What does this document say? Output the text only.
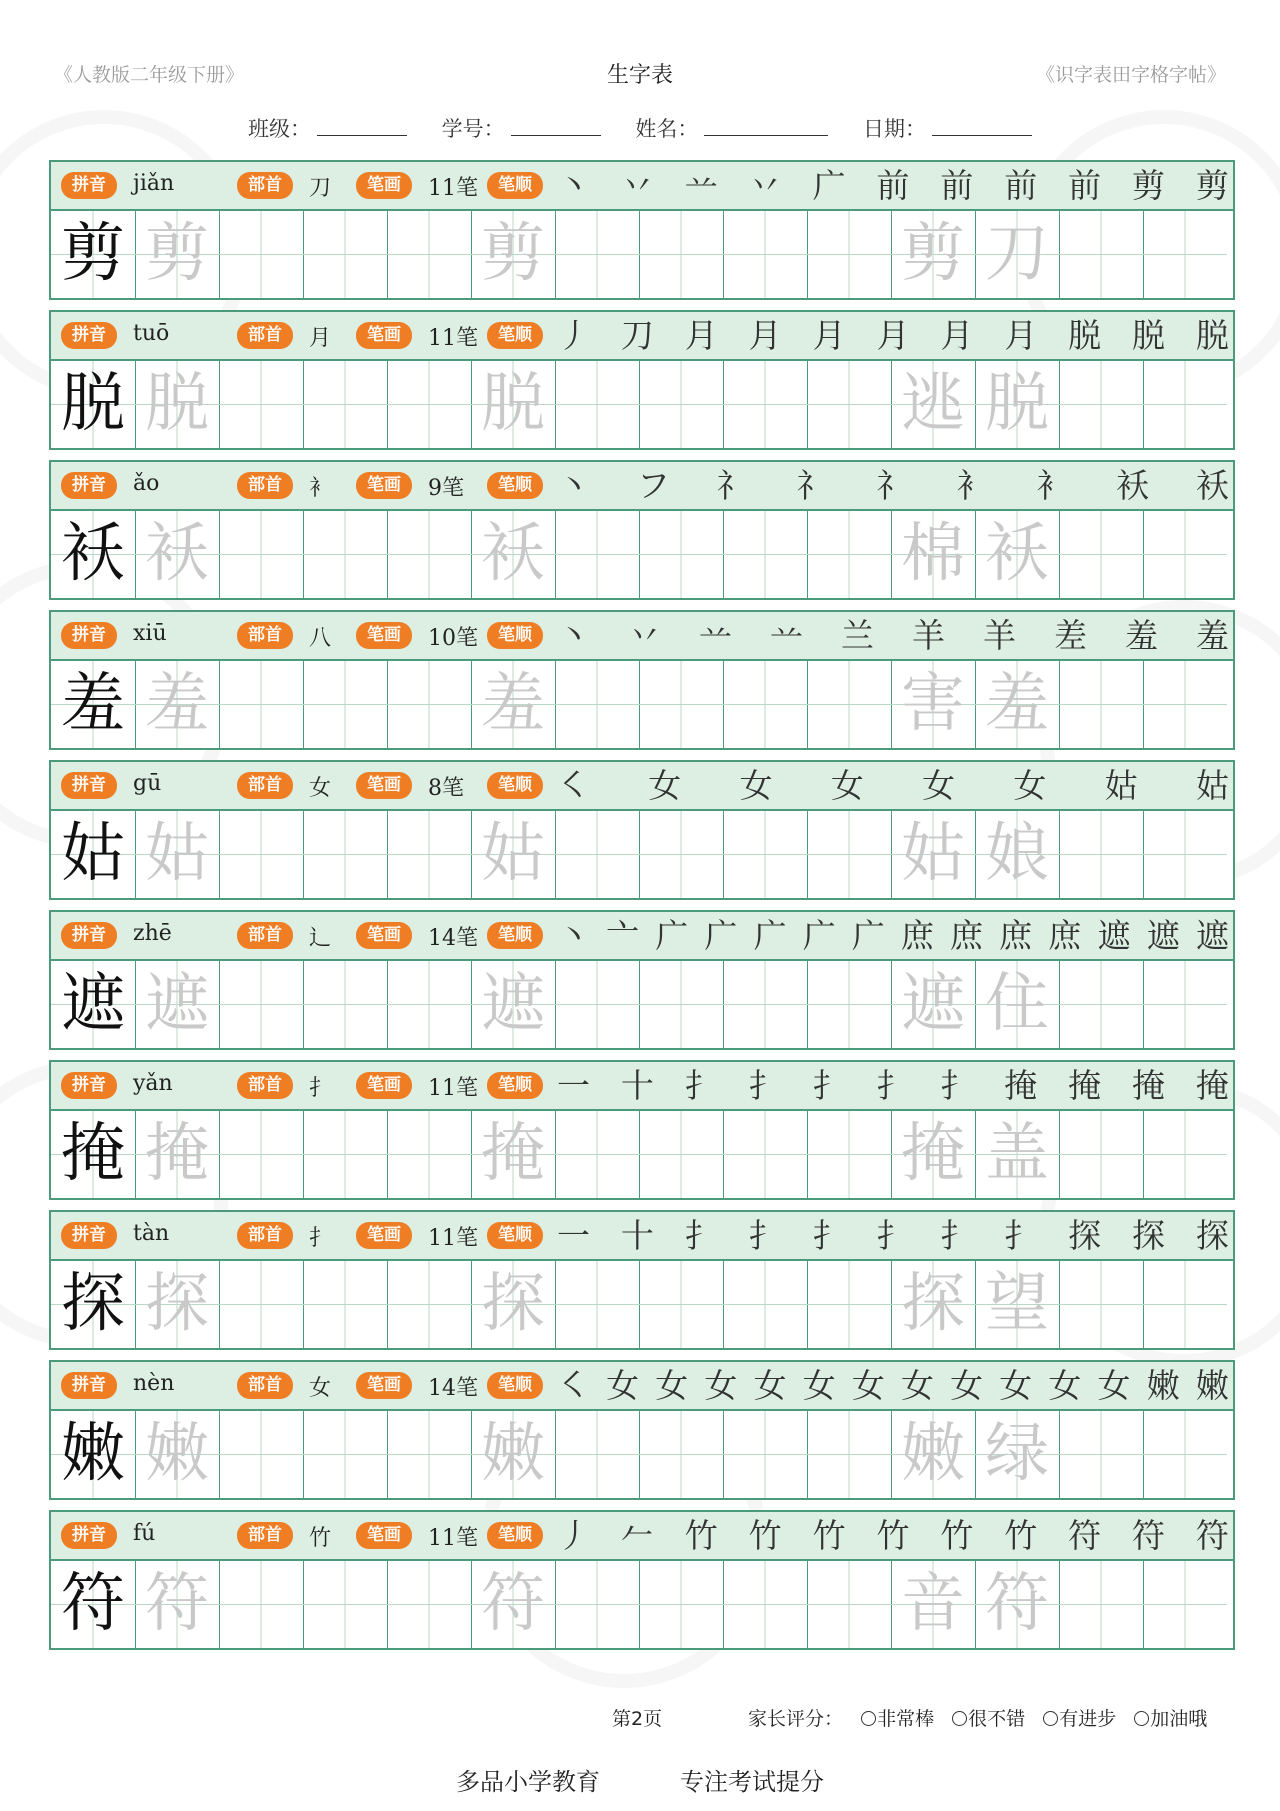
《人教版二年级下册》	生字表	《识字表田字格字帖》
班级：	学号：	姓名：	日期：
拼音	jiǎn	部首	刀	笔画	11笔	笔顺 丶 丷 䒑 丷 广 前 前 前 前 剪 剪
剪 剪	剪	剪 刀
拼音	tuō	部首	月	笔画	11笔	笔顺 丿 刀 月 月 月 月 月 月 脱 脱 脱
脱 脱	脱	逃 脱
拼音	ǎo	部首	衤	笔画	9笔	笔顺 丶 フ 礻 礻 礻 衤 衤 袄 袄
袄 袄	袄	棉 袄
拼音	xiū	部首	八	笔画	10笔	笔顺 丶 丷 䒑 䒑 兰 羊 羊 差 羞 羞
羞 羞	羞	害 羞
拼音	gū	部首	女	笔画	8笔	笔顺 ㇛ 女 女 女 女 女 姑 姑
姑 姑	姑	姑 娘
拼音	zhē	部首	辶	笔画	14笔	笔顺 丶 亠 广 广 广 广 广 庶 庶 庶 庶 遮 遮 遮
遮 遮	遮	遮 住
拼音	yǎn	部首	扌	笔画	11笔	笔顺 一 十 扌 扌 扌 扌 扌 掩 掩 掩 掩
掩 掩	掩	掩 盖
拼音	tàn	部首	扌	笔画	11笔	笔顺 一 十 扌 扌 扌 扌 扌 扌 探 探 探
探 探	探	探 望
拼音	nèn	部首	女	笔画	14笔	笔顺 ㇛ 女 女 女 女 女 女 女 女 女 女 女 嫩 嫩
嫩 嫩	嫩	嫩 绿
拼音	fú	部首	竹	笔画	11笔	笔顺 丿 𠂉 竹 竹 竹 竹 竹 竹 符 符 符
符 符	符	音 符
第2页	家长评分： 非常棒 很不错 有进步 加油哦
多品小学教育	专注考试提分
